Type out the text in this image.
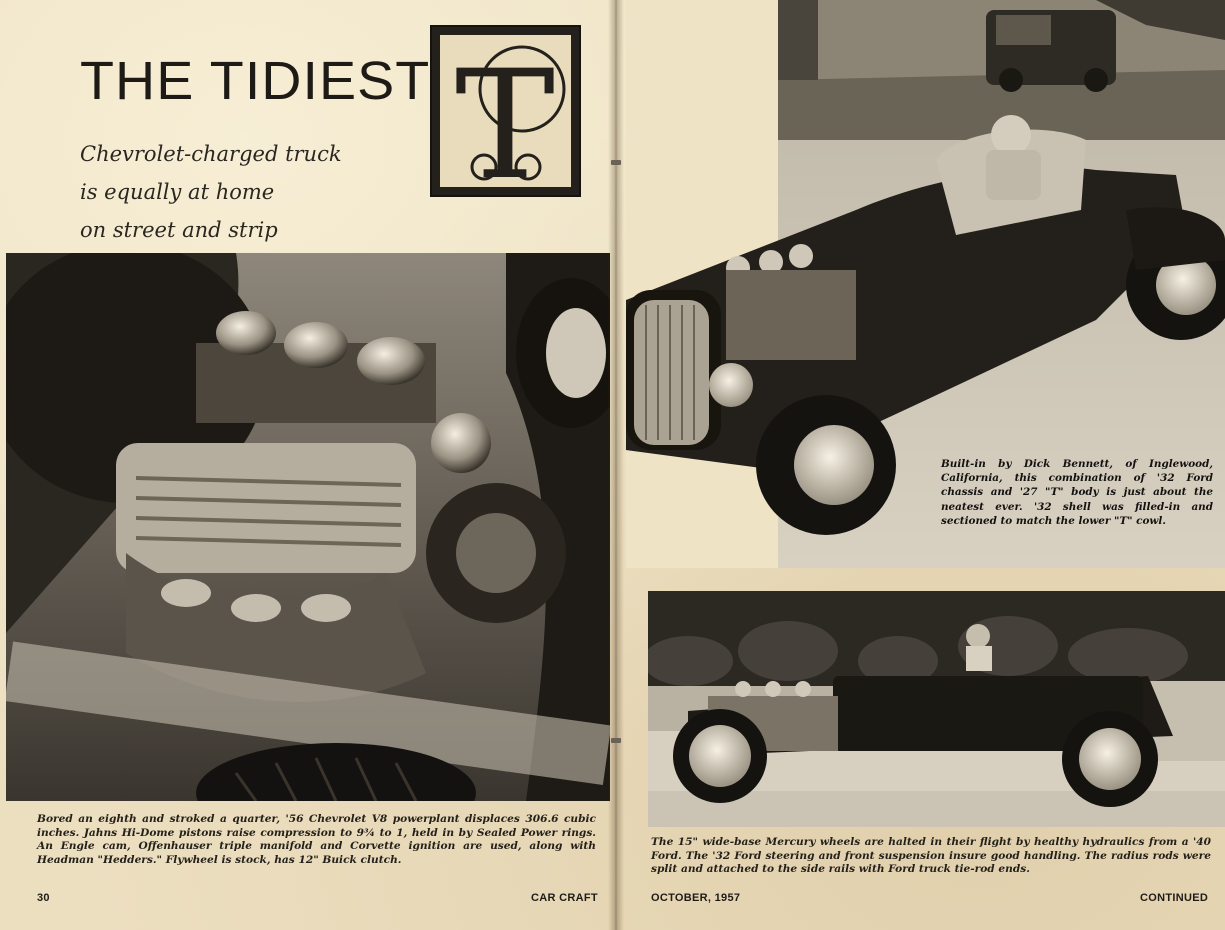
THE TIDIEST T
Chevrolet-charged truck
is equally at home
on street and strip
Bored an eighth and stroked a quarter, '56 Chevrolet V8 powerplant displaces 306.6 cubic inches. Jahns Hi-Dome pistons raise compression to 9¾ to 1, held in by Sealed Power rings. An Engle cam, Offenhauser triple manifold and Corvette ignition are used, along with Headman "Hedders." Flywheel is stock, has 12" Buick clutch.
30	CAR CRAFT
Built-in by Dick Bennett, of Inglewood, California, this combination of '32 Ford chassis and '27 "T" body is just about the neatest ever. '32 shell was filled-in and sectioned to match the lower "T" cowl.
The 15" wide-base Mercury wheels are halted in their flight by healthy hydraulics from a '40 Ford. The '32 Ford steering and front suspension insure good handling. The radius rods were split and attached to the side rails with Ford truck tie-rod ends.
OCTOBER, 1957	CONTINUED
